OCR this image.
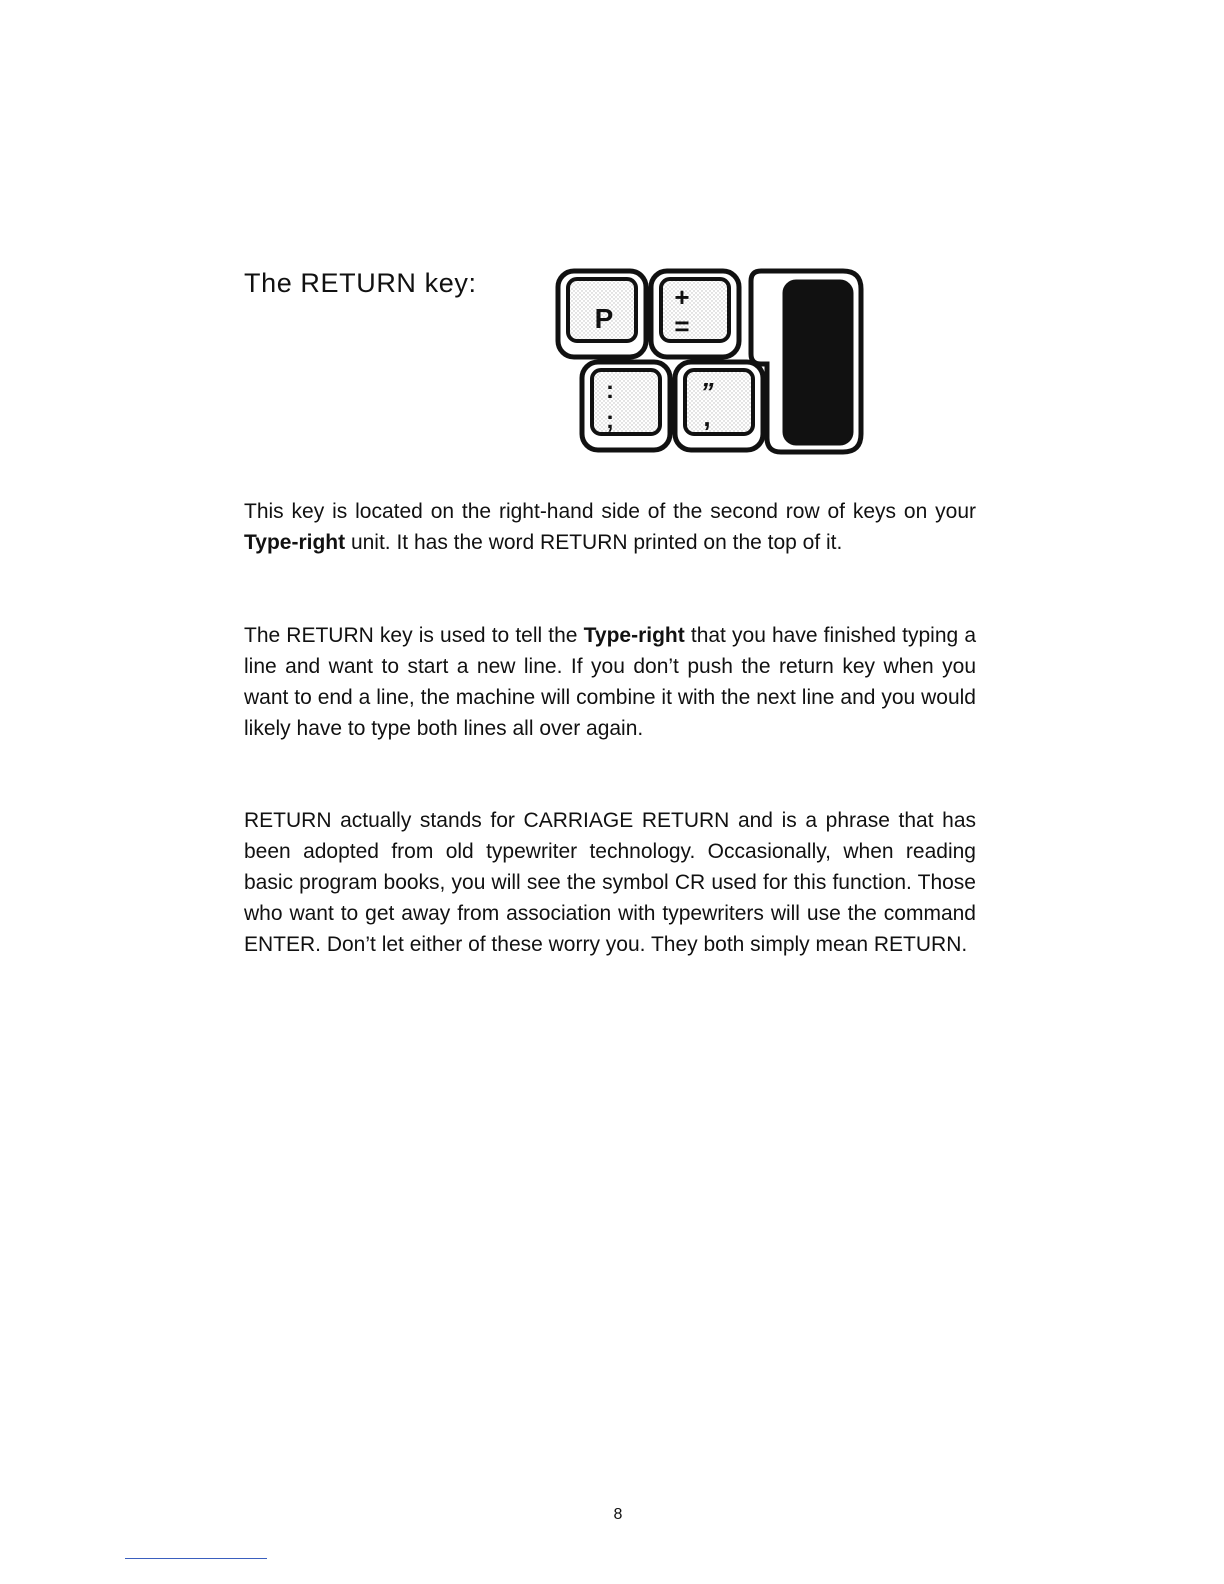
The RETURN key:
P
+
=
:
;
”
,

This key is located on the right-hand side of the second row of keys on your Type-right unit. It has the word RETURN printed on the top of it.

The RETURN key is used to tell the Type-right that you have finished typing a line and want to start a new line. If you don’t push the return key when you want to end a line, the machine will combine it with the next line and you would likely have to type both lines all over again.

RETURN actually stands for CARRIAGE RETURN and is a phrase that has been adopted from old typewriter technology. Occasionally, when reading basic program books, you will see the symbol CR used for this function. Those who want to get away from association with typewriters will use the command ENTER. Don’t let either of these worry you. They both simply mean RETURN.

8
